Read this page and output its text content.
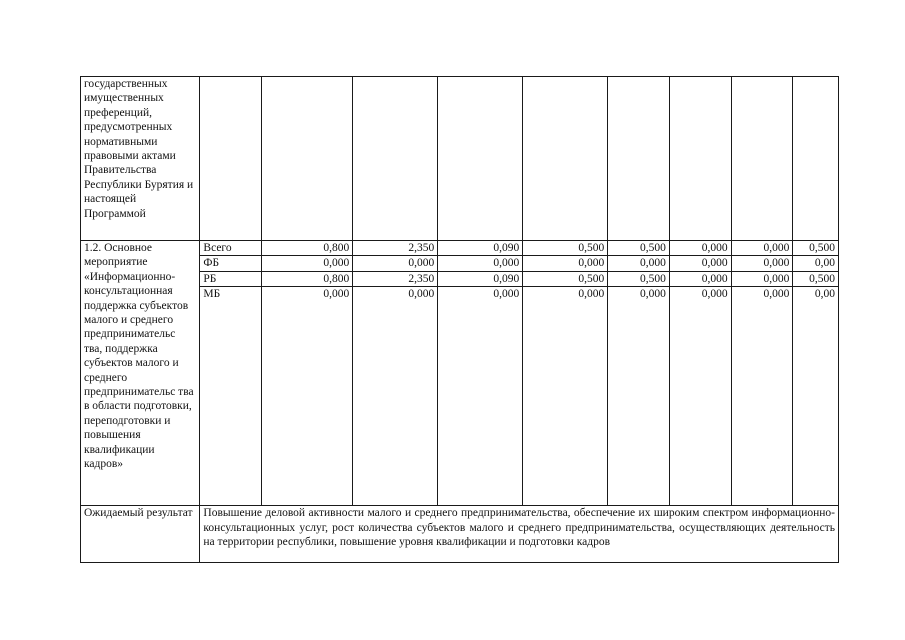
государственных имущественных преференций, предусмотренных нормативными правовыми актами Правительства Республики Бурятия и настоящей Программой									
1.2. Основное мероприятие «Информационно- консультационная поддержка субъектов малого и среднего предпринимательс тва, поддержка субъектов малого и среднего предпринимательс тва в области подготовки, переподготовки и повышения квалификации кадров»	Всего	0,800	2,350	0,090	0,500	0,500	0,000	0,000	0,500
	ФБ	0,000	0,000	0,000	0,000	0,000	0,000	0,000	0,00
	РБ	0,800	2,350	0,090	0,500	0,500	0,000	0,000	0,500
	МБ	0,000	0,000	0,000	0,000	0,000	0,000	0,000	0,00
Ожидаемый результат	Повышение деловой активности малого и среднего предпринимательства, обеспечение их широким спектром информационно-консультационных услуг, рост количества субъектов малого и среднего предпринимательства, осуществляющих деятельность на территории республики, повышение уровня квалификации и подготовки кадров								
